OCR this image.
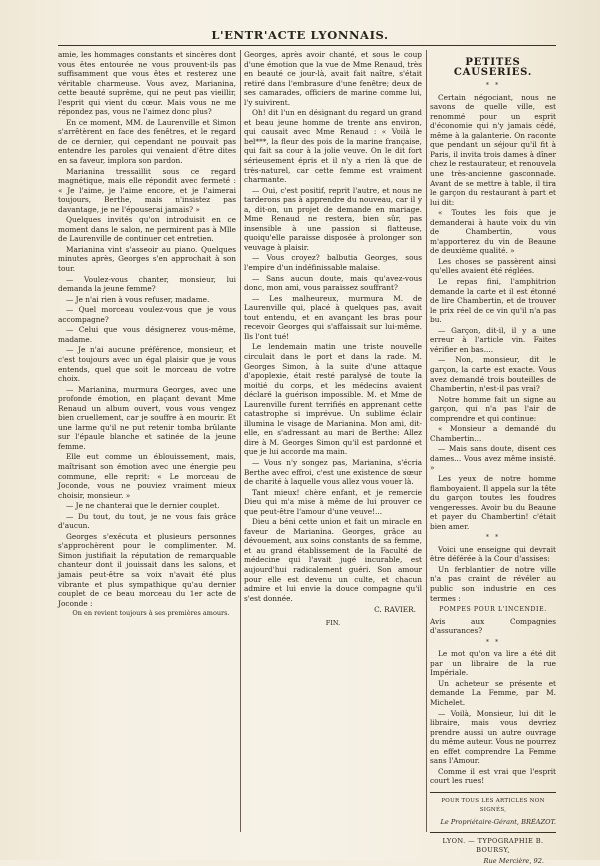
L'ENTR'ACTE LYONNAIS.

amie, les hommages constants et sincères dont vous êtes entourée ne vous prouvent-ils pas suffisamment que vous êtes et resterez une véritable charmeuse. Vous avez, Marianina, cette beauté suprême, qui ne peut pas vieillir, l'esprit qui vient du cœur. Mais vous ne me répondez pas, vous ne l'aimez donc plus?

En ce moment, MM. de Laurenville et Simon s'arrêtèrent en face des fenêtres, et le regard de ce dernier, qui cependant ne pouvait pas entendre les paroles qui venaient d'être dites en sa faveur, implora son pardon.

Marianina tressaillit sous ce regard magnétique, mais elle répondit avec fermeté : « Je l'aime, je l'aime encore, et je l'aimerai toujours, Berthe, mais n'insistez pas davantage, je ne l'épouserai jamais? »

Quelques invités qu'on introduisit en ce moment dans le salon, ne permirent pas à Mlle de Laurenville de continuer cet entretien.

Marianina vint s'asseoir au piano. Quelques minutes après, Georges s'en approchait à son tour.

— Voulez-vous chanter, monsieur, lui demanda la jeune femme?

— Je n'ai rien à vous refuser, madame.

— Quel morceau voulez-vous que je vous accompagne?

— Celui que vous désignerez vous-même, madame.

— Je n'ai aucune préférence, monsieur, et c'est toujours avec un égal plaisir que je vous entends, quel que soit le morceau de votre choix.

— Marianina, murmura Georges, avec une profonde émotion, en plaçant devant Mme Renaud un album ouvert, vous vous vengez bien cruellement, car je souffre à en mourir. Et une larme qu'il ne put retenir tomba brûlante sur l'épaule blanche et satinée de la jeune femme.

Elle eut comme un éblouissement, mais, maîtrisant son émotion avec une énergie peu commune, elle reprit: « Le morceau de Joconde, vous ne pouviez vraiment mieux choisir, monsieur. »

— Je ne chanterai que le dernier couplet.

— Du tout, du tout, je ne vous fais grâce d'aucun.

Georges s'exécuta et plusieurs personnes s'approchèrent pour le complimenter. M. Simon justifiait la réputation de remarquable chanteur dont il jouissait dans les salons, et jamais peut-être sa voix n'avait été plus vibrante et plus sympathique qu'au dernier couplet de ce beau morceau du 1er acte de Joconde :

On en revient toujours à ses premières amours.

Georges, après avoir chanté, et sous le coup d'une émotion que la vue de Mme Renaud, très en beauté ce jour-là, avait fait naître, s'était retiré dans l'embrasure d'une fenêtre; deux de ses camarades, officiers de marine comme lui, l'y suivirent.

Oh! dit l'un en désignant du regard un grand et beau jeune homme de trente ans environ, qui causait avec Mme Renaud : « Voilà le bel***, la fleur des pois de la marine française, qui fait sa cour à la jolie veuve. On le dit fort sérieusement épris et il n'y a rien là que de très-naturel, car cette femme est vraiment charmante.

— Oui, c'est positif, reprit l'autre, et nous ne tarderons pas à apprendre du nouveau, car il y a, dit-on, un projet de demande en mariage. Mme Renaud ne restera, bien sûr, pas insensible à une passion si flatteuse, quoiqu'elle paraisse disposée à prolonger son veuvage à plaisir.

— Vous croyez? balbutia Georges, sous l'empire d'un indéfinissable malaise.

— Sans aucun doute, mais qu'avez-vous donc, mon ami, vous paraissez souffrant?

— Les malheureux, murmura M. de Laurenville qui, placé à quelques pas, avait tout entendu, et en avançant les bras pour recevoir Georges qui s'affaissait sur lui-même. Ils l'ont tué!

Le lendemain matin une triste nouvelle circulait dans le port et dans la rade. M. Georges Simon, à la suite d'une attaque d'apoplexie, était resté paralysé de toute la moitié du corps, et les médecins avaient déclaré la guérison impossible. M. et Mme de Laurenville furent terrifiés en apprenant cette catastrophe si imprévue. Un sublime éclair illumina le visage de Marianina. Mon ami, dit-elle, en s'adressant au mari de Berthe: Allez dire à M. Georges Simon qu'il est pardonné et que je lui accorde ma main.

— Vous n'y songez pas, Marianina, s'écria Berthe avec effroi, c'est une existence de sœur de charité à laquelle vous allez vous vouer là.

Tant mieux! chère enfant, et je remercie Dieu qui m'a mise à même de lui prouver ce que peut-être l'amour d'une veuve!...

Dieu a béni cette union et fait un miracle en faveur de Marianina. Georges, grâce au dévouement, aux soins constants de sa femme, et au grand établissement de la Faculté de médecine qui l'avait jugé incurable, est aujourd'hui radicalement guéri. Son amour pour elle est devenu un culte, et chacun admire et lui envie la douce compagne qu'il s'est donnée.

C. RAVIER.
FIN.
PETITES CAUSERIES.
* *

Certain négociant, nous ne savons de quelle ville, est renommé pour un esprit d'économie qui n'y jamais cédé, même à la galanterie. On raconte que pendant un séjour qu'il fit à Paris, il invita trois dames à dîner chez le restaurateur, et renouvela une très-ancienne gasconnade. Avant de se mettre à table, il tira le garçon du restaurant à part et lui dit:

« Toutes les fois que je demanderai à haute voix du vin de Chambertin, vous m'apporterez du vin de Beaune de deuxième qualité. »

Les choses se passèrent ainsi qu'elles avaient été réglées.

Le repas fini, l'amphitrion demande la carte et il est étonné de lire Chambertin, et de trouver le prix réel de ce vin qu'il n'a pas bu.

— Garçon, dit-il, il y a une erreur à l'article vin. Faites vérifier en bas....

— Non, monsieur, dit le garçon, la carte est exacte. Vous avez demandé trois bouteilles de Chambertin, n'est-il pas vrai?

Notre homme fait un signe au garçon, qui n'a pas l'air de comprendre et qui continue:

« Monsieur a demandé du Chambertin...

— Mais sans doute, disent ces dames... Vous avez même insisté. »

Les yeux de notre homme flamboyaient. Il appela sur la tête du garçon toutes les foudres vengeresses. Avoir bu du Beaune et payer du Chambertin! c'était bien amer.

* *

Voici une enseigne qui devrait être déférée à la Cour d'assises:

Un ferblantier de notre ville n'a pas craint de révéler au public son industrie en ces termes :

POMPES POUR L'INCENDIE.

Avis aux Compagnies d'assurances?

* *

Le mot qu'on va lire a été dit par un libraire de la rue Impériale.

Un acheteur se présente et demande La Femme, par M. Michelet.

— Voilà, Monsieur, lui dit le libraire, mais vous devriez prendre aussi un autre ouvrage du même auteur. Vous ne pourrez en effet comprendre La Femme sans l'Amour.

Comme il est vrai que l'esprit court les rues!

POUR TOUS LES ARTICLES NON SIGNÉS,
Le Propriétaire-Gérant, BRÉAZOT.
LYON. — TYPOGRAPHIE B. BOURSY,
Rue Mercière, 92.
